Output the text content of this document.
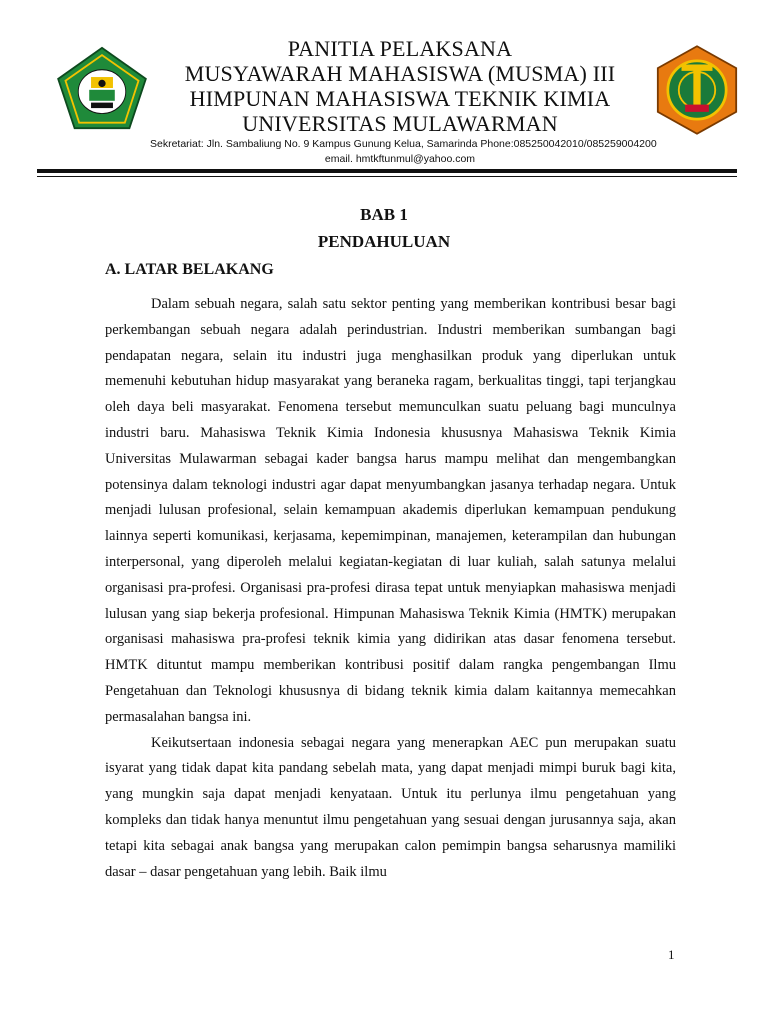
PANITIA PELAKSANA
MUSYAWARAH MAHASISWA (MUSMA) III
HIMPUNAN MAHASISWA TEKNIK KIMIA
UNIVERSITAS MULAWARMAN
Sekretariat: Jln. Sambaliung No. 9 Kampus Gunung Kelua, Samarinda Phone:085250042010/085259004200
email. hmtkftunmul@yahoo.com
BAB 1
PENDAHULUAN
A. LATAR BELAKANG

Dalam sebuah negara, salah satu sektor penting yang memberikan kontribusi besar bagi perkembangan sebuah negara adalah perindustrian. Industri memberikan sumbangan bagi pendapatan negara, selain itu industri juga menghasilkan produk yang diperlukan untuk memenuhi kebutuhan hidup masyarakat yang beraneka ragam, berkualitas tinggi, tapi terjangkau oleh daya beli masyarakat. Fenomena tersebut memunculkan suatu peluang bagi munculnya industri baru. Mahasiswa Teknik Kimia Indonesia khususnya Mahasiswa Teknik Kimia Universitas Mulawarman sebagai kader bangsa harus mampu melihat dan mengembangkan potensinya dalam teknologi industri agar dapat menyumbangkan jasanya terhadap negara. Untuk menjadi lulusan profesional, selain kemampuan akademis diperlukan kemampuan pendukung lainnya seperti komunikasi, kerjasama, kepemimpinan, manajemen, keterampilan dan hubungan interpersonal, yang diperoleh melalui kegiatan-kegiatan di luar kuliah, salah satunya melalui organisasi pra-profesi. Organisasi pra-profesi dirasa tepat untuk menyiapkan mahasiswa menjadi lulusan yang siap bekerja profesional. Himpunan Mahasiswa Teknik Kimia (HMTK) merupakan organisasi mahasiswa pra-profesi teknik kimia yang didirikan atas dasar fenomena tersebut. HMTK dituntut mampu memberikan kontribusi positif dalam rangka pengembangan Ilmu Pengetahuan dan Teknologi khususnya di bidang teknik kimia dalam kaitannya memecahkan permasalahan bangsa ini.

Keikutsertaan indonesia sebagai negara yang menerapkan AEC pun merupakan suatu isyarat yang tidak dapat kita pandang sebelah mata, yang dapat menjadi mimpi buruk bagi kita, yang mungkin saja dapat menjadi kenyataan. Untuk itu perlunya ilmu pengetahuan yang kompleks dan tidak hanya menuntut ilmu pengetahuan yang sesuai dengan jurusannya saja, akan tetapi kita sebagai anak bangsa yang merupakan calon pemimpin bangsa seharusnya mamiliki dasar – dasar pengetahuan yang lebih. Baik ilmu

1
